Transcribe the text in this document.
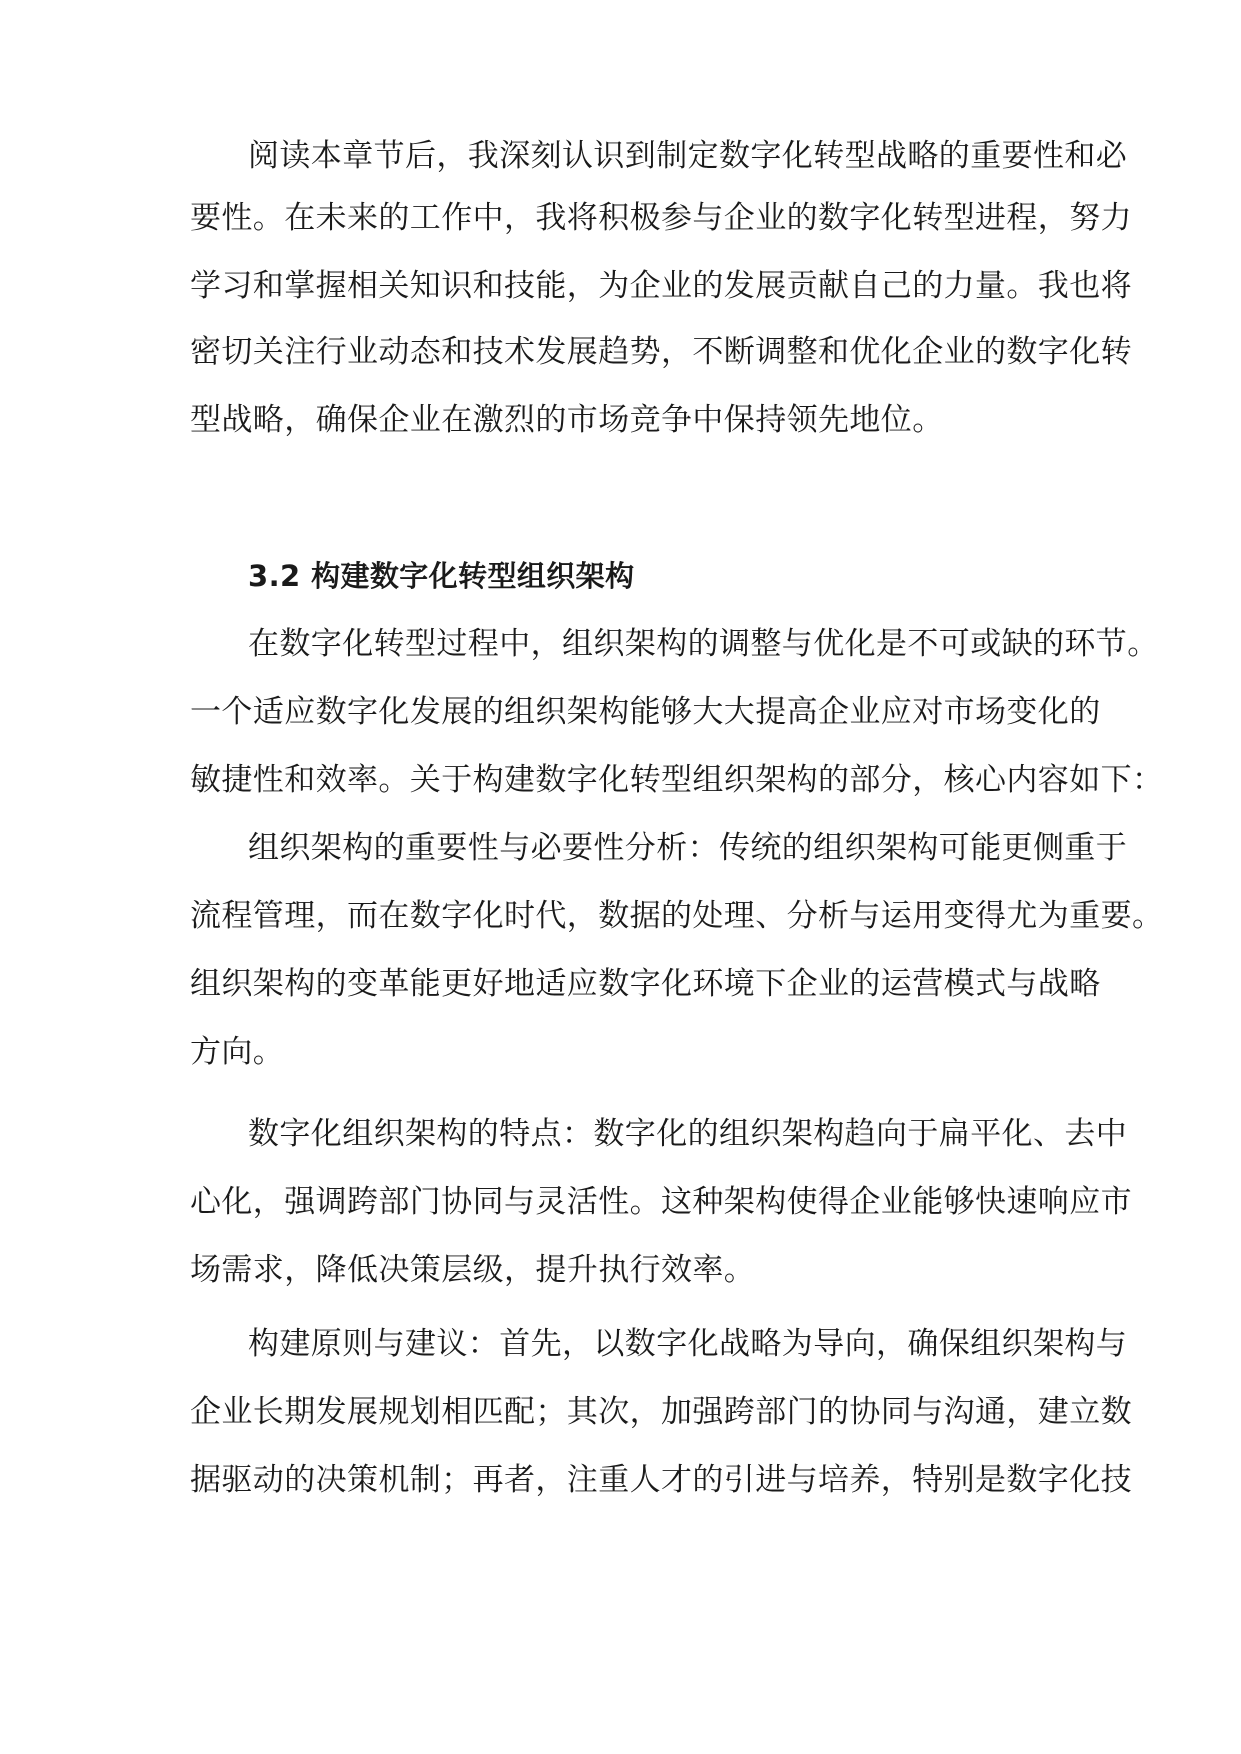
阅读本章节后，我深刻认识到制定数字化转型战略的重要性和必
要性。在未来的工作中，我将积极参与企业的数字化转型进程，努力
学习和掌握相关知识和技能，为企业的发展贡献自己的力量。我也将
密切关注行业动态和技术发展趋势，不断调整和优化企业的数字化转
型战略，确保企业在激烈的市场竞争中保持领先地位。
3.2 构建数字化转型组织架构
在数字化转型过程中，组织架构的调整与优化是不可或缺的环节。
一个适应数字化发展的组织架构能够大大提高企业应对市场变化的
敏捷性和效率。关于构建数字化转型组织架构的部分，核心内容如下：
组织架构的重要性与必要性分析：传统的组织架构可能更侧重于
流程管理，而在数字化时代，数据的处理、分析与运用变得尤为重要。
组织架构的变革能更好地适应数字化环境下企业的运营模式与战略
方向。
数字化组织架构的特点：数字化的组织架构趋向于扁平化、去中
心化，强调跨部门协同与灵活性。这种架构使得企业能够快速响应市
场需求，降低决策层级，提升执行效率。
构建原则与建议：首先，以数字化战略为导向，确保组织架构与
企业长期发展规划相匹配；其次，加强跨部门的协同与沟通，建立数
据驱动的决策机制；再者，注重人才的引进与培养，特别是数字化技
